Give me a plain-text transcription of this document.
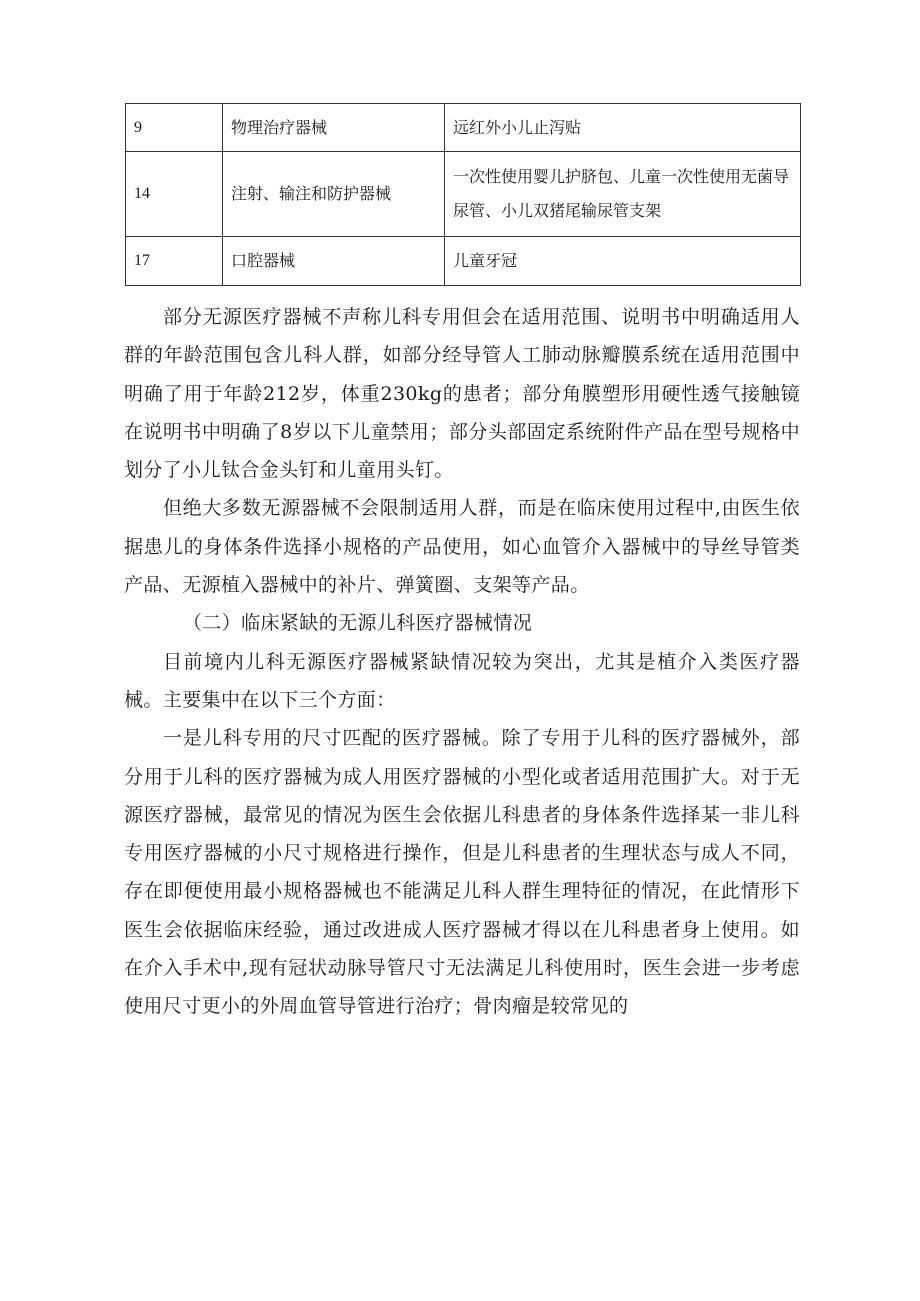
9	物理治疗器械	远红外小儿止泻贴
14	注射、输注和防护器械	一次性使用婴儿护脐包、儿童一次性使用无菌导尿管、小儿双猪尾输尿管支架
17	口腔器械	儿童牙冠

部分无源医疗器械不声称儿科专用但会在适用范围、说明书中明确适用人群的年龄范围包含儿科人群，如部分经导管人工肺动脉瓣膜系统在适用范围中明确了用于年龄212岁，体重230kg的患者；部分角膜塑形用硬性透气接触镜在说明书中明确了8岁以下儿童禁用；部分头部固定系统附件产品在型号规格中划分了小儿钛合金头钉和儿童用头钉。

但绝大多数无源器械不会限制适用人群，而是在临床使用过程中,由医生依据患儿的身体条件选择小规格的产品使用，如心血管介入器械中的导丝导管类产品、无源植入器械中的补片、弹簧圈、支架等产品。

（二）临床紧缺的无源儿科医疗器械情况

目前境内儿科无源医疗器械紧缺情况较为突出，尤其是植介入类医疗器械。主要集中在以下三个方面：

一是儿科专用的尺寸匹配的医疗器械。除了专用于儿科的医疗器械外，部分用于儿科的医疗器械为成人用医疗器械的小型化或者适用范围扩大。对于无源医疗器械，最常见的情况为医生会依据儿科患者的身体条件选择某一非儿科专用医疗器械的小尺寸规格进行操作，但是儿科患者的生理状态与成人不同，存在即便使用最小规格器械也不能满足儿科人群生理特征的情况，在此情形下医生会依据临床经验，通过改进成人医疗器械才得以在儿科患者身上使用。如在介入手术中,现有冠状动脉导管尺寸无法满足儿科使用时，医生会进一步考虑使用尺寸更小的外周血管导管进行治疗；骨肉瘤是较常见的
